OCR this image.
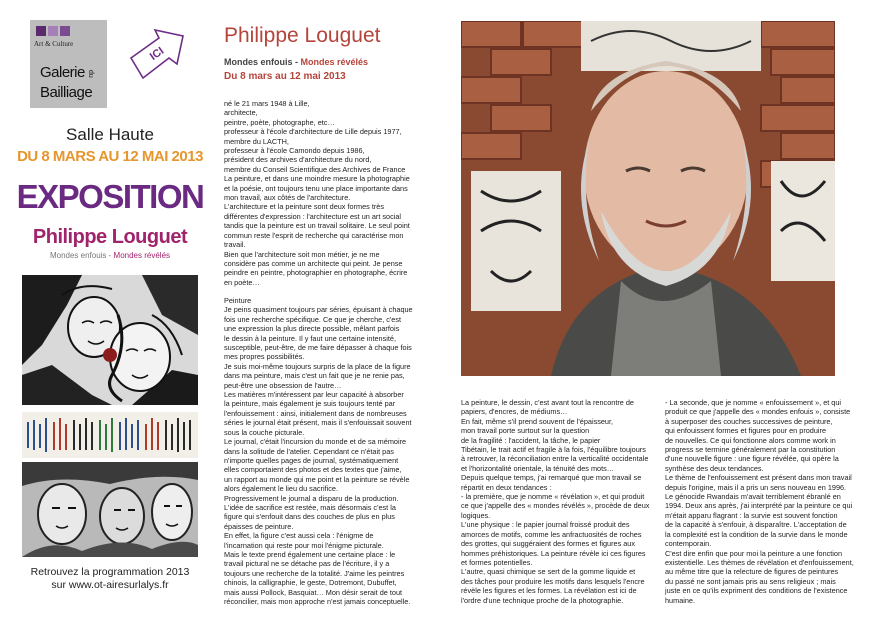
Art & Culture
Galerie du
Bailliage
ICI
Salle Haute
DU 8 MARS AU 12 MAI 2013
EXPOSITION
Philippe Louguet
Mondes enfouis - Mondes révélés
Retrouvez la programmation 2013
sur www.ot-airesurlalys.fr
Philippe Louguet
Mondes enfouis - Mondes révélés
Du 8 mars au 12 mai 2013
né le 21 mars 1948 à Lille,
architecte,
peintre, poète, photographe, etc…
professeur à l'école d'architecture de Lille depuis 1977,
membre du LACTH,
professeur à l'école Camondo depuis 1986,
président des archives d'architecture du nord,
membre du Conseil Scientifique des Archives de France
La peinture, et dans une moindre mesure la photographie
et la poésie, ont toujours tenu une place importante dans
mon travail, aux côtés de l'architecture.
L'architecture et la peinture sont deux formes très
différentes d'expression : l'architecture est un art social
tandis que la peinture est un travail solitaire. Le seul point
commun reste l'esprit de recherche qui caractérise mon
travail.
Bien que l'architecture soit mon métier, je ne me
considère pas comme un architecte qui peint. Je pense
peindre en peintre, photographier en photographe, écrire
en poète…
Peinture
Je peins quasiment toujours par séries, épuisant à chaque
fois une recherche spécifique. Ce que je cherche, c'est
une expression la plus directe possible, mêlant parfois
le dessin à la peinture. Il y faut une certaine intensité,
susceptible, peut-être, de me faire dépasser à chaque fois
mes propres possibilités.
Je suis moi-même toujours surpris de la place de la figure
dans ma peinture, mais c'est un fait que je ne renie pas,
peut-être une obsession de l'autre…
Les matières m'intéressent par leur capacité à absorber
la peinture, mais également je suis toujours tenté par
l'enfouissement : ainsi, initialement dans de nombreuses
séries le journal était présent, mais il s'enfouissait souvent
sous la couche picturale.
Le journal, c'était l'incursion du monde et de sa mémoire
dans la solitude de l'atelier. Cependant ce n'était pas
n'importe quelles pages de journal, systématiquement
elles comportaient des photos et des textes que j'aime,
un rapport au monde qui me point et la peinture se révèle
alors également le lieu du sacrifice.
Progressivement le journal a disparu de la production.
L'idée de sacrifice est restée, mais désormais c'est la
figure qui s'enfouit dans des couches de plus en plus
épaisses de peinture.
En effet, la figure c'est aussi cela : l'énigme de
l'incarnation qui reste pour moi l'énigme picturale.
Mais le texte prend également une certaine place : le
travail pictural ne se détache pas de l'écriture, il y a
toujours une recherche de la totalité. J'aime les peintres
chinois, la calligraphie, le geste, Dotremont, Dubuffet,
mais aussi Pollock, Basquiat… Mon désir serait de tout
réconcilier, mais mon approche n'est jamais conceptuelle.
La peinture, le dessin, c'est avant tout la rencontre de
papiers, d'encres, de médiums…
En fait, même s'il prend souvent de l'épaisseur,
mon travail porte surtout sur la question
de la fragilité : l'accident, la tâche, le papier
Tibétain, le trait actif et fragile à la fois, l'équilibre toujours
à retrouver, la réconciliation entre la verticalité occidentale
et l'horizontalité orientale, la ténuité des mots…
Depuis quelque temps, j'ai remarqué que mon travail se
répartit en deux tendances :
- la première, que je nomme « révélation », et qui produit
ce que j'appelle des « mondes révélés », procède de deux
logiques.
L'une physique : le papier journal froissé produit des
amorces de motifs, comme les anfractuosités de roches
des grottes, qui suggéraient des formes et figures aux
hommes préhistoriques. La peinture révèle ici ces figures
et formes potentielles.
L'autre, quasi chimique se sert de la gomme liquide et
des tâches pour produire les motifs dans lesquels l'encre
révèle les figures et les formes. La révélation est ici de
l'ordre d'une technique proche de la photographie.
- La seconde, que je nomme « enfouissement », et qui
produit ce que j'appelle des « mondes enfouis », consiste
à superposer des couches successives de peinture,
qui enfouissent formes et figures pour en produire
de nouvelles. Ce qui fonctionne alors comme work in
progress se termine généralement par la constitution
d'une nouvelle figure : une figure révélée, qui opère la
synthèse des deux tendances.
Le thème de l'enfouissement est présent dans mon travail
depuis l'origine, mais il a pris un sens nouveau en 1996.
Le génocide Rwandais m'avait terriblement ébranlé en
1994. Deux ans après, j'ai interprété par la peinture ce qui
m'était apparu flagrant : la survie est souvent fonction
de la capacité à s'enfouir, à disparaître. L'acceptation de
la complexité est la condition de la survie dans le monde
contemporain.
C'est dire enfin que pour moi la peinture a une fonction
existentielle. Les thèmes de révélation et d'enfouissement,
au même titre que la relecture de figures de peintures
du passé ne sont jamais pris au sens religieux ; mais
juste en ce qu'ils expriment des conditions de l'existence
humaine.
